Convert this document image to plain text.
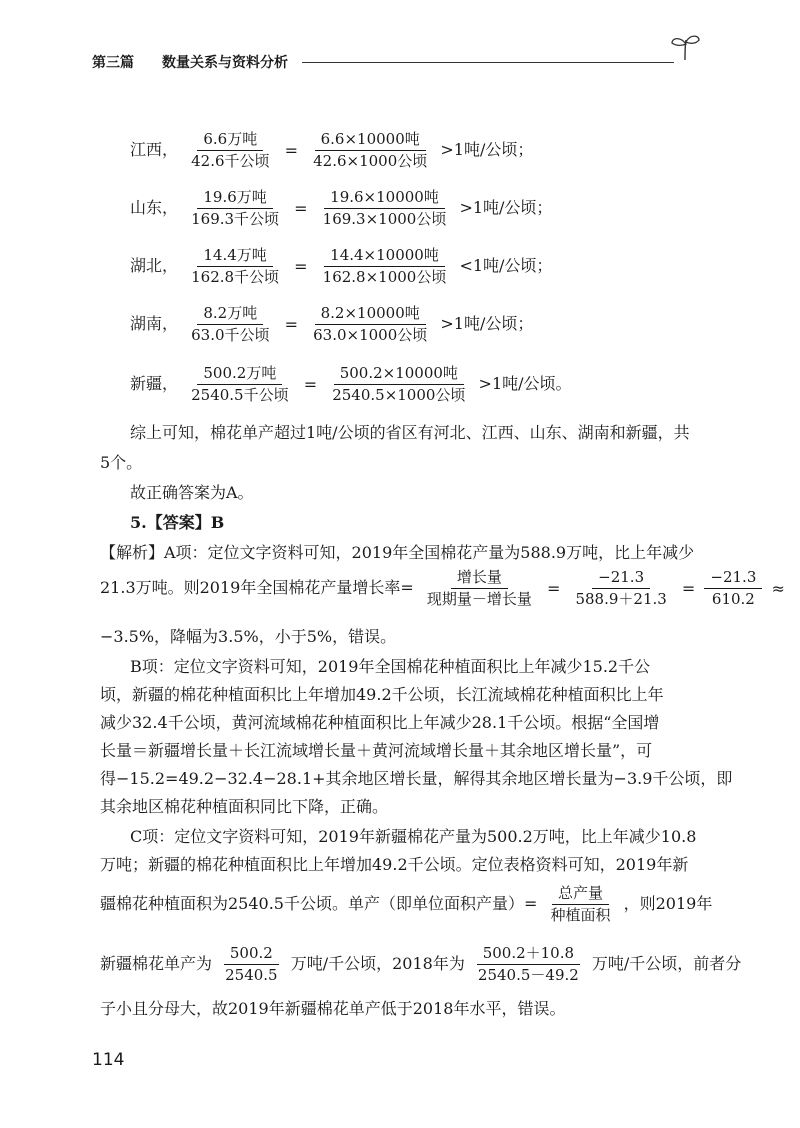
第三篇 数量关系与资料分析
江西， $\frac{\text{6.6万吨}}{\text{42.6千公顷}} = \frac{\text{6.6×10000吨}}{\text{42.6×1000公顷}} >1$吨/公顷；
山东， $\frac{\text{19.6万吨}}{\text{169.3千公顷}} = \frac{\text{19.6×10000吨}}{\text{169.3×1000公顷}} >1$吨/公顷；
湖北， $\frac{\text{14.4万吨}}{\text{162.8千公顷}} = \frac{\text{14.4×10000吨}}{\text{162.8×1000公顷}} <1$吨/公顷；
湖南， $\frac{\text{8.2万吨}}{\text{63.0千公顷}} = \frac{\text{8.2×10000吨}}{\text{63.0×1000公顷}} >1$吨/公顷；
新疆， $\frac{\text{500.2万吨}}{\text{2540.5千公顷}} = \frac{\text{500.2×10000吨}}{\text{2540.5×1000公顷}} >1$吨/公顷。
综上可知，棉花单产超过1吨/公顷的省区有河北、江西、山东、湖南和新疆，共
5个。
故正确答案为A。
5.【答案】B
【解析】A项：定位文字资料可知，2019年全国棉花产量为588.9万吨，比上年减少
21.3万吨。则2019年全国棉花产量增长率= $\frac{\text{增长量}}{\text{现期量－增长量}} = \frac{-21.3}{588.9+21.3} = \frac{-21.3}{610.2}$ ≈
−3.5%，降幅为3.5%，小于5%，错误。
B项：定位文字资料可知，2019年全国棉花种植面积比上年减少15.2千公
顷，新疆的棉花种植面积比上年增加49.2千公顷，长江流域棉花种植面积比上年
减少32.4千公顷，黄河流域棉花种植面积比上年减少28.1千公顷。根据“全国增
长量＝新疆增长量＋长江流域增长量＋黄河流域增长量＋其余地区增长量”，可
得−15.2=49.2−32.4−28.1+其余地区增长量，解得其余地区增长量为−3.9千公顷，即
其余地区棉花种植面积同比下降，正确。
C项：定位文字资料可知，2019年新疆棉花产量为500.2万吨，比上年减少10.8
万吨；新疆的棉花种植面积比上年增加49.2千公顷。定位表格资料可知，2019年新
疆棉花种植面积为2540.5千公顷。单产（即单位面积产量）= $\frac{\text{总产量}}{\text{种植面积}}$ ，则2019年
新疆棉花单产为 $\frac{500.2}{2540.5}$ 万吨/千公顷，2018年为 $\frac{500.2+10.8}{2540.5-49.2}$ 万吨/千公顷，前者分
子小且分母大，故2019年新疆棉花单产低于2018年水平，错误。
114
